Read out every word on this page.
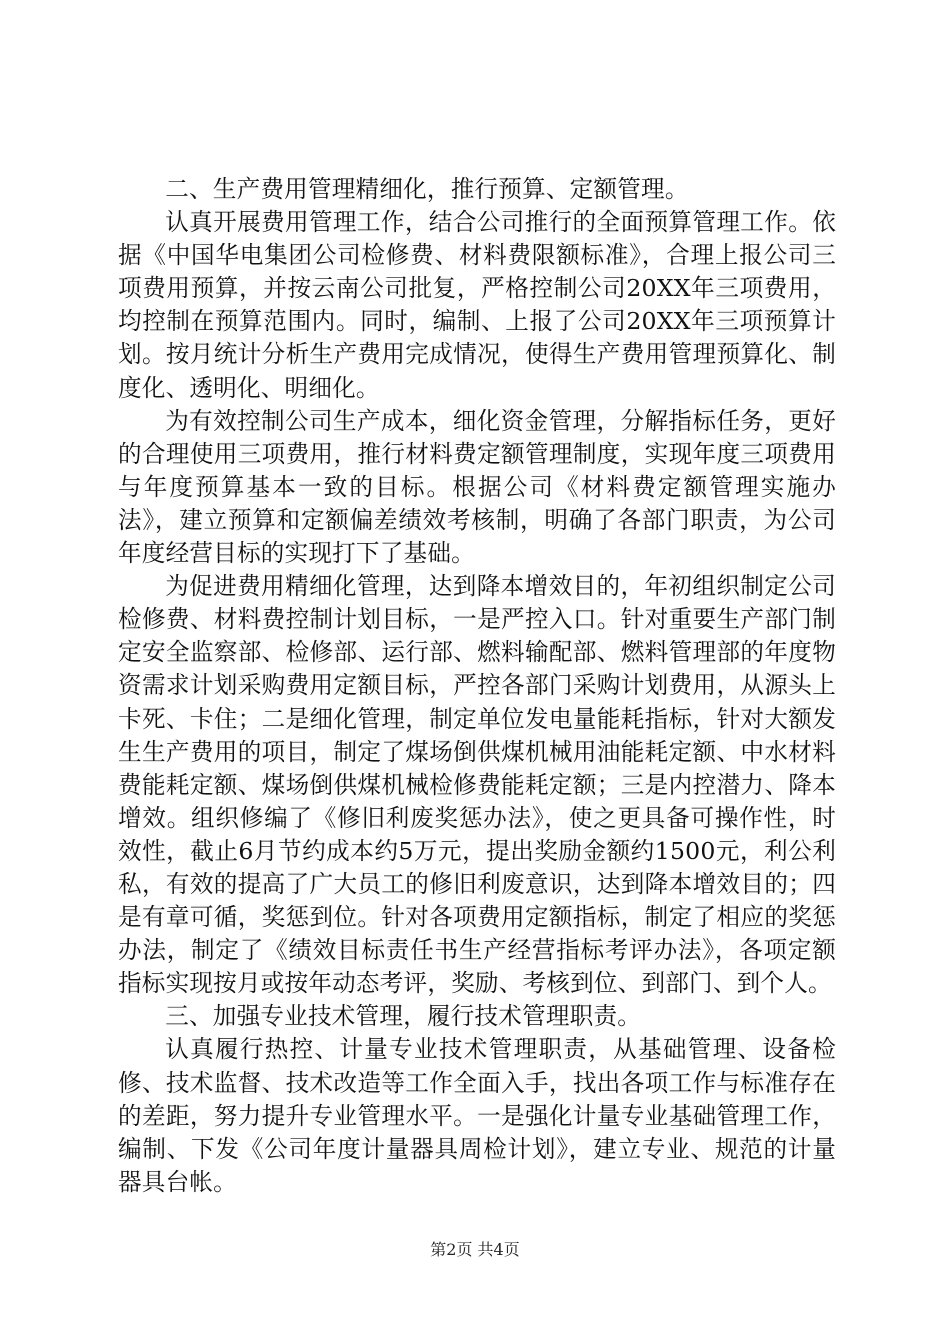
二、生产费用管理精细化，推行预算、定额管理。

认真开展费用管理工作，结合公司推行的全面预算管理工作。依据《中国华电集团公司检修费、材料费限额标准》，合理上报公司三项费用预算，并按云南公司批复，严格控制公司20XX年三项费用，均控制在预算范围内。同时，编制、上报了公司20XX年三项预算计划。按月统计分析生产费用完成情况，使得生产费用管理预算化、制度化、透明化、明细化。

为有效控制公司生产成本，细化资金管理，分解指标任务，更好的合理使用三项费用，推行材料费定额管理制度，实现年度三项费用与年度预算基本一致的目标。根据公司《材料费定额管理实施办法》，建立预算和定额偏差绩效考核制，明确了各部门职责，为公司年度经营目标的实现打下了基础。

为促进费用精细化管理，达到降本增效目的，年初组织制定公司检修费、材料费控制计划目标，一是严控入口。针对重要生产部门制定安全监察部、检修部、运行部、燃料输配部、燃料管理部的年度物资需求计划采购费用定额目标，严控各部门采购计划费用，从源头上卡死、卡住；二是细化管理，制定单位发电量能耗指标，针对大额发生生产费用的项目，制定了煤场倒供煤机械用油能耗定额、中水材料费能耗定额、煤场倒供煤机械检修费能耗定额；三是内控潜力、降本增效。组织修编了《修旧利废奖惩办法》，使之更具备可操作性，时效性，截止6月节约成本约5万元，提出奖励金额约1500元，利公利私，有效的提高了广大员工的修旧利废意识，达到降本增效目的；四是有章可循，奖惩到位。针对各项费用定额指标，制定了相应的奖惩办法，制定了《绩效目标责任书生产经营指标考评办法》，各项定额指标实现按月或按年动态考评，奖励、考核到位、到部门、到个人。

三、加强专业技术管理，履行技术管理职责。

认真履行热控、计量专业技术管理职责，从基础管理、设备检修、技术监督、技术改造等工作全面入手，找出各项工作与标准存在的差距，努力提升专业管理水平。一是强化计量专业基础管理工作，编制、下发《公司年度计量器具周检计划》，建立专业、规范的计量器具台帐。

第2页 共4页
